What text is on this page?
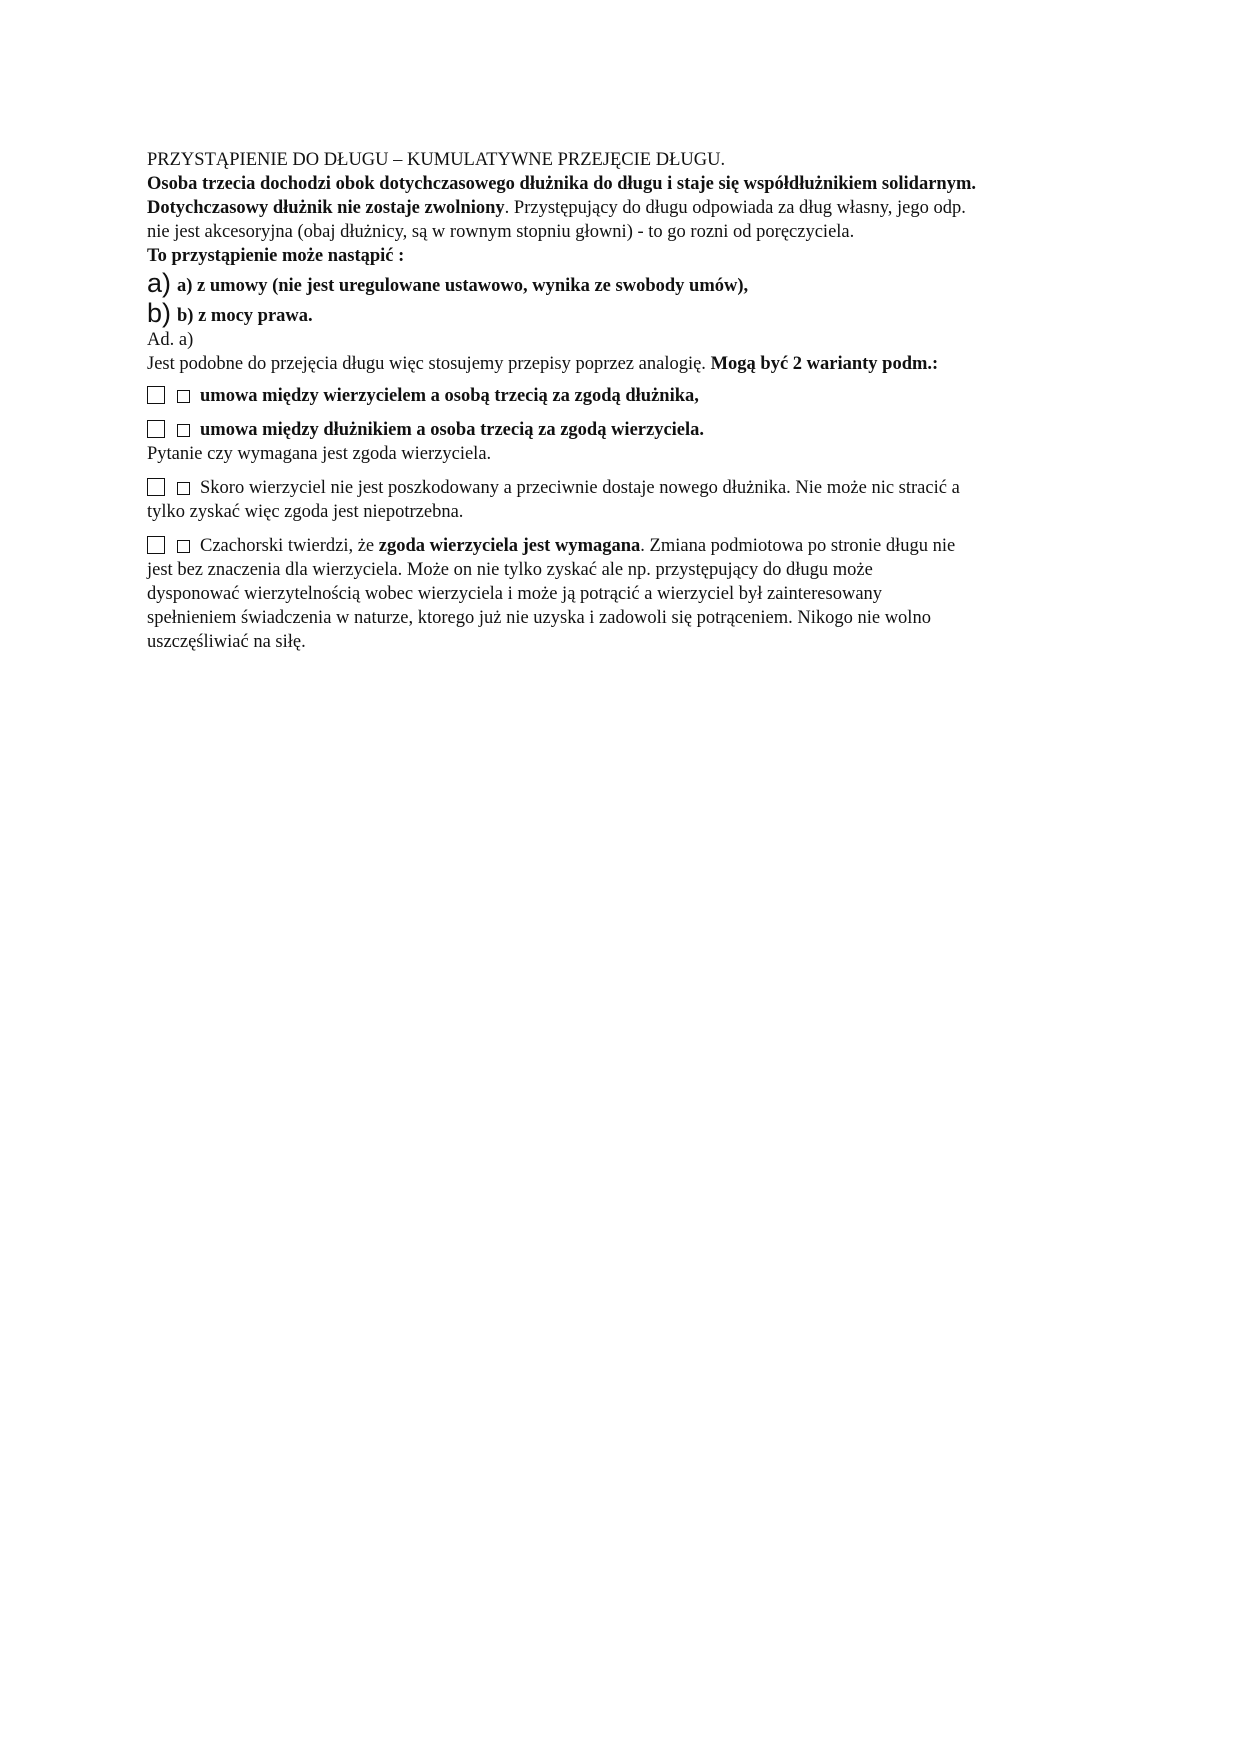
PRZYSTĄPIENIE DO DŁUGU – KUMULATYWNE PRZEJĘCIE DŁUGU.

Osoba trzecia dochodzi obok dotychczasowego dłużnika do długu i staje się współdłużnikiem solidarnym.

Dotychczasowy dłużnik nie zostaje zwolniony. Przystępujący do długu odpowiada za dług własny, jego odp.

nie jest akcesoryjna (obaj dłużnicy, są w rownym stopniu głowni) - to go rozni od poręczyciela.

To przystąpienie może nastąpić :

a) a) z umowy (nie jest uregulowane ustawowo, wynika ze swobody umów),
b) b) z mocy prawa.

Ad. a)

Jest podobne do przejęcia długu więc stosujemy przepisy poprzez analogię. Mogą być 2 warianty podm.:

umowa między wierzycielem a osobą trzecią za zgodą dłużnika,
umowa między dłużnikiem a osoba trzecią za zgodą wierzyciela.

Pytanie czy wymagana jest zgoda wierzyciela.

Skoro wierzyciel nie jest poszkodowany a przeciwnie dostaje nowego dłużnika. Nie może nic stracić a

tylko zyskać więc zgoda jest niepotrzebna.

Czachorski twierdzi, że zgoda wierzyciela jest wymagana. Zmiana podmiotowa po stronie długu nie

jest bez znaczenia dla wierzyciela. Może on nie tylko zyskać ale np. przystępujący do długu może

dysponować wierzytelnością wobec wierzyciela i może ją potrącić a wierzyciel był zainteresowany

spełnieniem świadczenia w naturze, ktorego już nie uzyska i zadowoli się potrąceniem. Nikogo nie wolno

uszczęśliwiać na siłę.
